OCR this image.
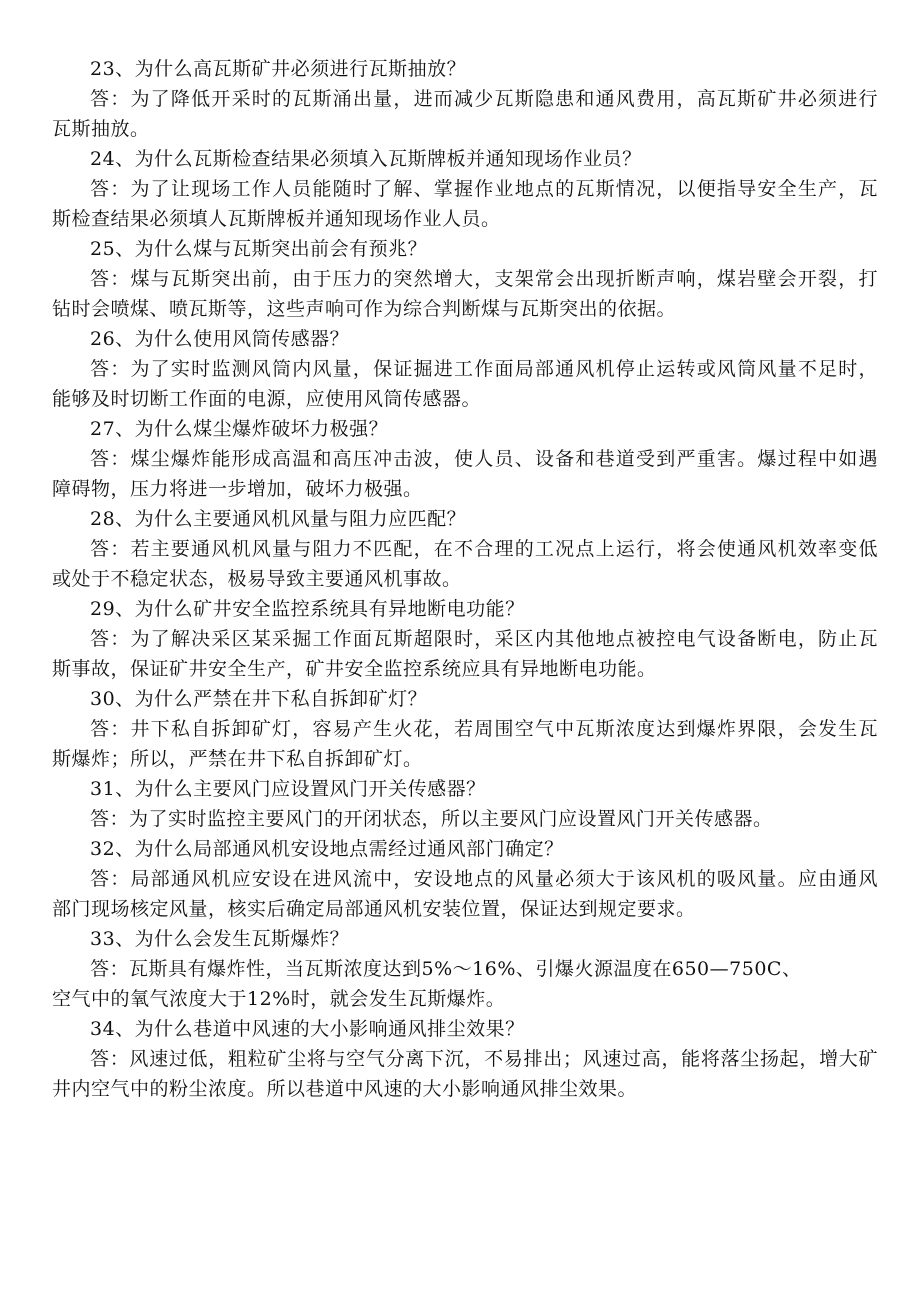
23、为什么高瓦斯矿井必须进行瓦斯抽放？
答：为了降低开采时的瓦斯涌出量，进而减少瓦斯隐患和通风费用，高瓦斯矿井必须进行
瓦斯抽放。
24、为什么瓦斯检查结果必须填入瓦斯牌板并通知现场作业员？
答：为了让现场工作人员能随时了解、掌握作业地点的瓦斯情况，以便指导安全生产，瓦
斯检查结果必须填人瓦斯牌板并通知现场作业人员。
25、为什么煤与瓦斯突出前会有预兆？
答：煤与瓦斯突出前，由于压力的突然增大，支架常会出现折断声响，煤岩壁会开裂，打
钻时会喷煤、喷瓦斯等，这些声响可作为综合判断煤与瓦斯突出的依据。
26、为什么使用风筒传感器？
答：为了实时监测风筒内风量，保证掘进工作面局部通风机停止运转或风筒风量不足时，
能够及时切断工作面的电源，应使用风筒传感器。
27、为什么煤尘爆炸破坏力极强？
答：煤尘爆炸能形成高温和高压冲击波，使人员、设备和巷道受到严重害。爆过程中如遇
障碍物，压力将进一步增加，破坏力极强。
28、为什么主要通风机风量与阻力应匹配？
答：若主要通风机风量与阻力不匹配，在不合理的工况点上运行，将会使通风机效率变低
或处于不稳定状态，极易导致主要通风机事故。
29、为什么矿井安全监控系统具有异地断电功能？
答：为了解决采区某采掘工作面瓦斯超限时，采区内其他地点被控电气设备断电，防止瓦
斯事故，保证矿井安全生产，矿井安全监控系统应具有异地断电功能。
30、为什么严禁在井下私自拆卸矿灯？
答：井下私自拆卸矿灯，容易产生火花，若周围空气中瓦斯浓度达到爆炸界限，会发生瓦
斯爆炸；所以，严禁在井下私自拆卸矿灯。
31、为什么主要风门应设置风门开关传感器？
答：为了实时监控主要风门的开闭状态，所以主要风门应设置风门开关传感器。
32、为什么局部通风机安设地点需经过通风部门确定？
答：局部通风机应安设在进风流中，安设地点的风量必须大于该风机的吸风量。应由通风
部门现场核定风量，核实后确定局部通风机安装位置，保证达到规定要求。
33、为什么会发生瓦斯爆炸？
答：瓦斯具有爆炸性，当瓦斯浓度达到5%～16%、引爆火源温度在650—750C、
空气中的氧气浓度大于12%时，就会发生瓦斯爆炸。
34、为什么巷道中风速的大小影响通风排尘效果？
答：风速过低，粗粒矿尘将与空气分离下沉，不易排出；风速过高，能将落尘扬起，增大矿
井内空气中的粉尘浓度。所以巷道中风速的大小影响通风排尘效果。
